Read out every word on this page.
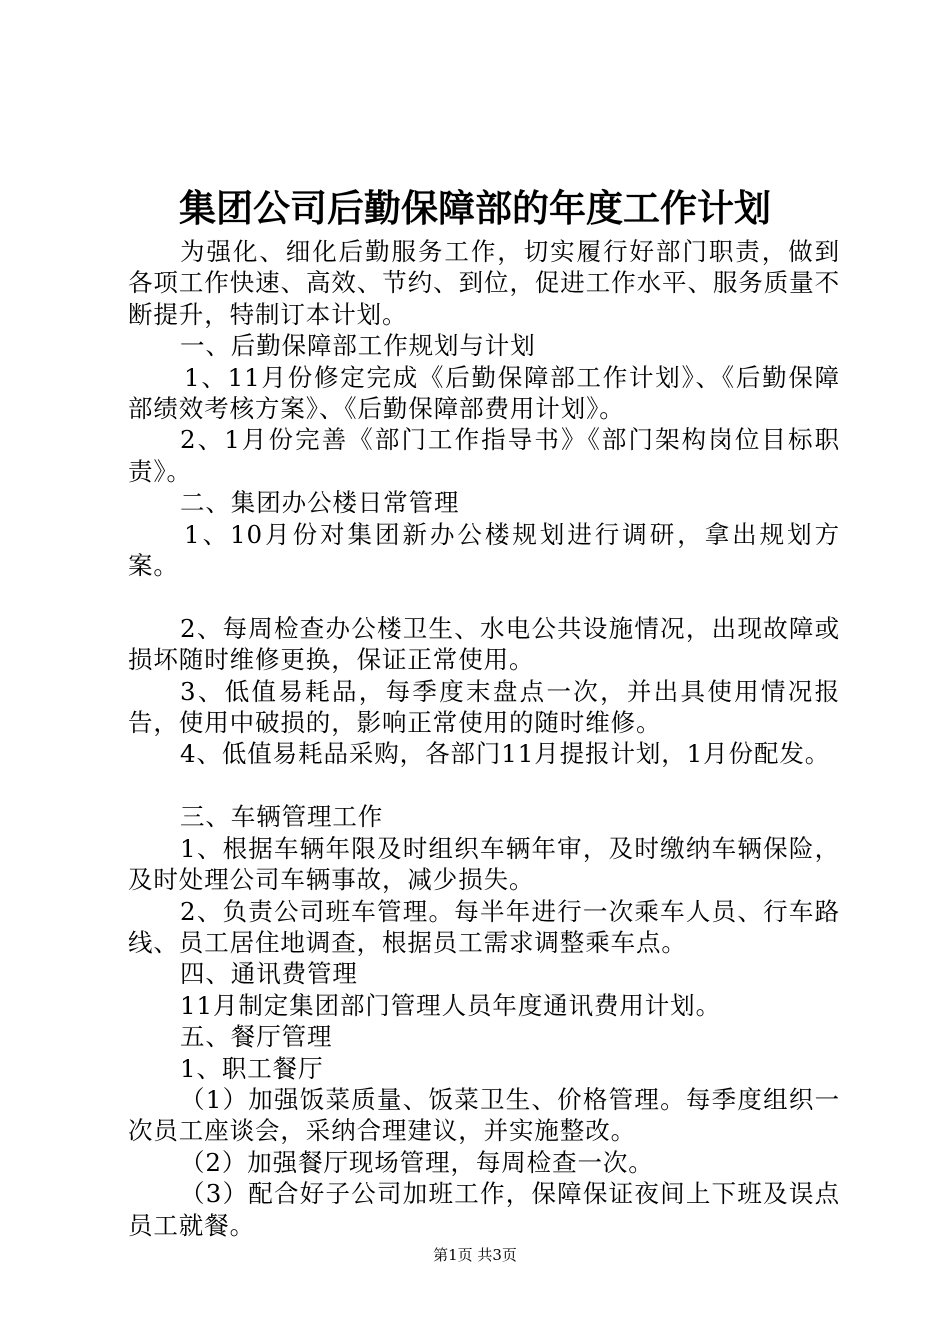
集团公司后勤保障部的年度工作计划

为强化、细化后勤服务工作，切实履行好部门职责，做到各项工作快速、高效、节约、到位，促进工作水平、服务质量不断提升，特制订本计划。

一、后勤保障部工作规划与计划

1、11月份修定完成《后勤保障部工作计划》、《后勤保障部绩效考核方案》、《后勤保障部费用计划》。

2、1月份完善《部门工作指导书》《部门架构岗位目标职责》。

二、集团办公楼日常管理

1、10月份对集团新办公楼规划进行调研，拿出规划方案。

2、每周检查办公楼卫生、水电公共设施情况，出现故障或损坏随时维修更换，保证正常使用。

3、低值易耗品，每季度末盘点一次，并出具使用情况报告，使用中破损的，影响正常使用的随时维修。

4、低值易耗品采购，各部门11月提报计划，1月份配发。

三、车辆管理工作

1、根据车辆年限及时组织车辆年审，及时缴纳车辆保险，及时处理公司车辆事故，减少损失。

2、负责公司班车管理。每半年进行一次乘车人员、行车路线、员工居住地调查，根据员工需求调整乘车点。

四、通讯费管理

11月制定集团部门管理人员年度通讯费用计划。

五、餐厅管理

1、职工餐厅

（1）加强饭菜质量、饭菜卫生、价格管理。每季度组织一次员工座谈会，采纳合理建议，并实施整改。

（2）加强餐厅现场管理，每周检查一次。

（3）配合好子公司加班工作，保障保证夜间上下班及误点员工就餐。

第1页 共3页
